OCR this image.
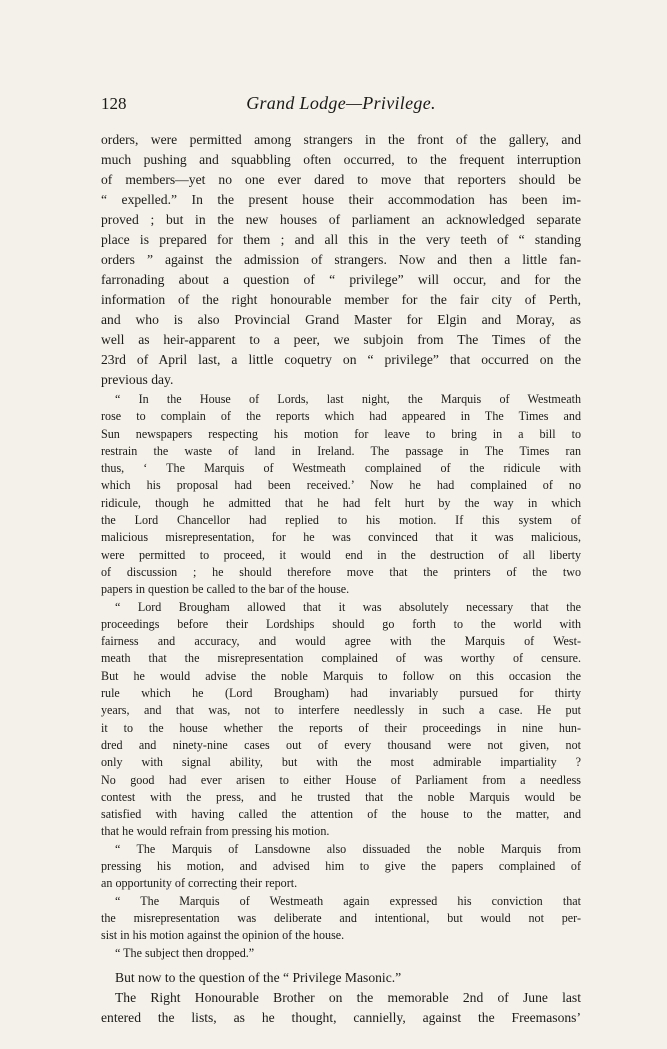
128	Grand Lodge—Privilege.
orders, were permitted among strangers in the front of the gallery, and
much pushing and squabbling often occurred, to the frequent interruption
of members—yet no one ever dared to move that reporters should be
“ expelled.” In the present house their accommodation has been im-
proved ; but in the new houses of parliament an acknowledged separate
place is prepared for them ; and all this in the very teeth of “ standing
orders ” against the admission of strangers. Now and then a little fan-
farronading about a question of “ privilege” will occur, and for the
information of the right honourable member for the fair city of Perth,
and who is also Provincial Grand Master for Elgin and Moray, as
well as heir-apparent to a peer, we subjoin from The Times of the
23rd of April last, a little coquetry on “ privilege” that occurred on the
previous day.
“ In the House of Lords, last night, the Marquis of Westmeath
rose to complain of the reports which had appeared in The Times and
Sun newspapers respecting his motion for leave to bring in a bill to
restrain the waste of land in Ireland. The passage in The Times ran
thus, ‘ The Marquis of Westmeath complained of the ridicule with
which his proposal had been received.’ Now he had complained of no
ridicule, though he admitted that he had felt hurt by the way in which
the Lord Chancellor had replied to his motion. If this system of
malicious misrepresentation, for he was convinced that it was malicious,
were permitted to proceed, it would end in the destruction of all liberty
of discussion ; he should therefore move that the printers of the two
papers in question be called to the bar of the house.
“ Lord Brougham allowed that it was absolutely necessary that the
proceedings before their Lordships should go forth to the world with
fairness and accuracy, and would agree with the Marquis of West-
meath that the misrepresentation complained of was worthy of censure.
But he would advise the noble Marquis to follow on this occasion the
rule which he (Lord Brougham) had invariably pursued for thirty
years, and that was, not to interfere needlessly in such a case. He put
it to the house whether the reports of their proceedings in nine hun-
dred and ninety-nine cases out of every thousand were not given, not
only with signal ability, but with the most admirable impartiality ?
No good had ever arisen to either House of Parliament from a needless
contest with the press, and he trusted that the noble Marquis would be
satisfied with having called the attention of the house to the matter, and
that he would refrain from pressing his motion.
“ The Marquis of Lansdowne also dissuaded the noble Marquis from
pressing his motion, and advised him to give the papers complained of
an opportunity of correcting their report.
“ The Marquis of Westmeath again expressed his conviction that
the misrepresentation was deliberate and intentional, but would not per-
sist in his motion against the opinion of the house.
“ The subject then dropped.”
But now to the question of the “ Privilege Masonic.”
The Right Honourable Brother on the memorable 2nd of June last
entered the lists, as he thought, cannielly, against the Freemasons’
